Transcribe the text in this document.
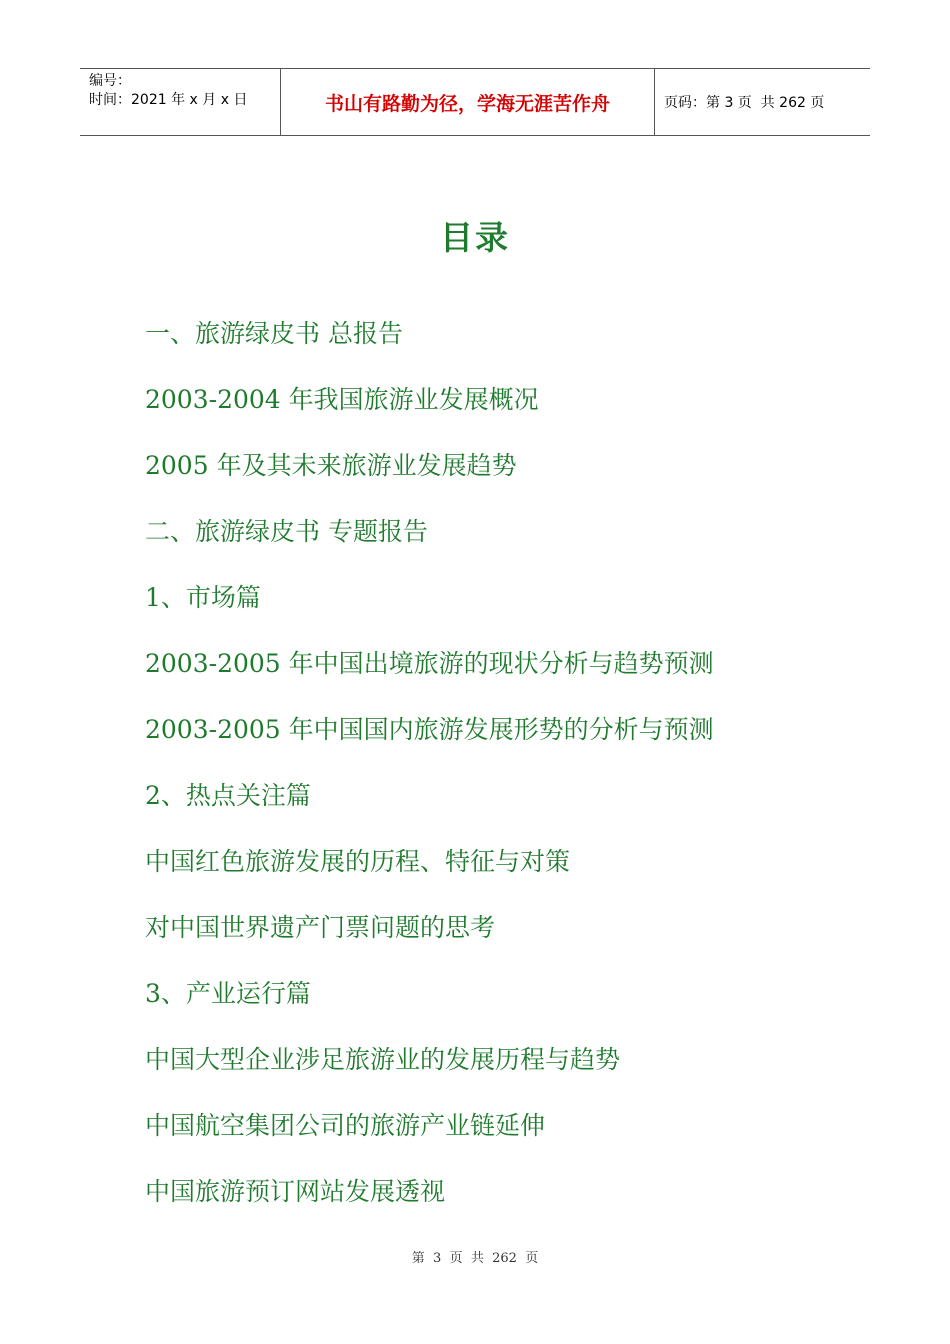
编号：
时间：2021 年 x 月 x 日	书山有路勤为径，学海无涯苦作舟	页码：第 3 页  共 262 页
目录
一、旅游绿皮书 总报告
2003-2004 年我国旅游业发展概况
2005 年及其未来旅游业发展趋势
二、旅游绿皮书 专题报告
1、市场篇
2003-2005 年中国出境旅游的现状分析与趋势预测
2003-2005 年中国国内旅游发展形势的分析与预测
2、热点关注篇
中国红色旅游发展的历程、特征与对策
对中国世界遗产门票问题的思考
3、产业运行篇
中国大型企业涉足旅游业的发展历程与趋势
中国航空集团公司的旅游产业链延伸
中国旅游预订网站发展透视
第  3  页  共  262  页
